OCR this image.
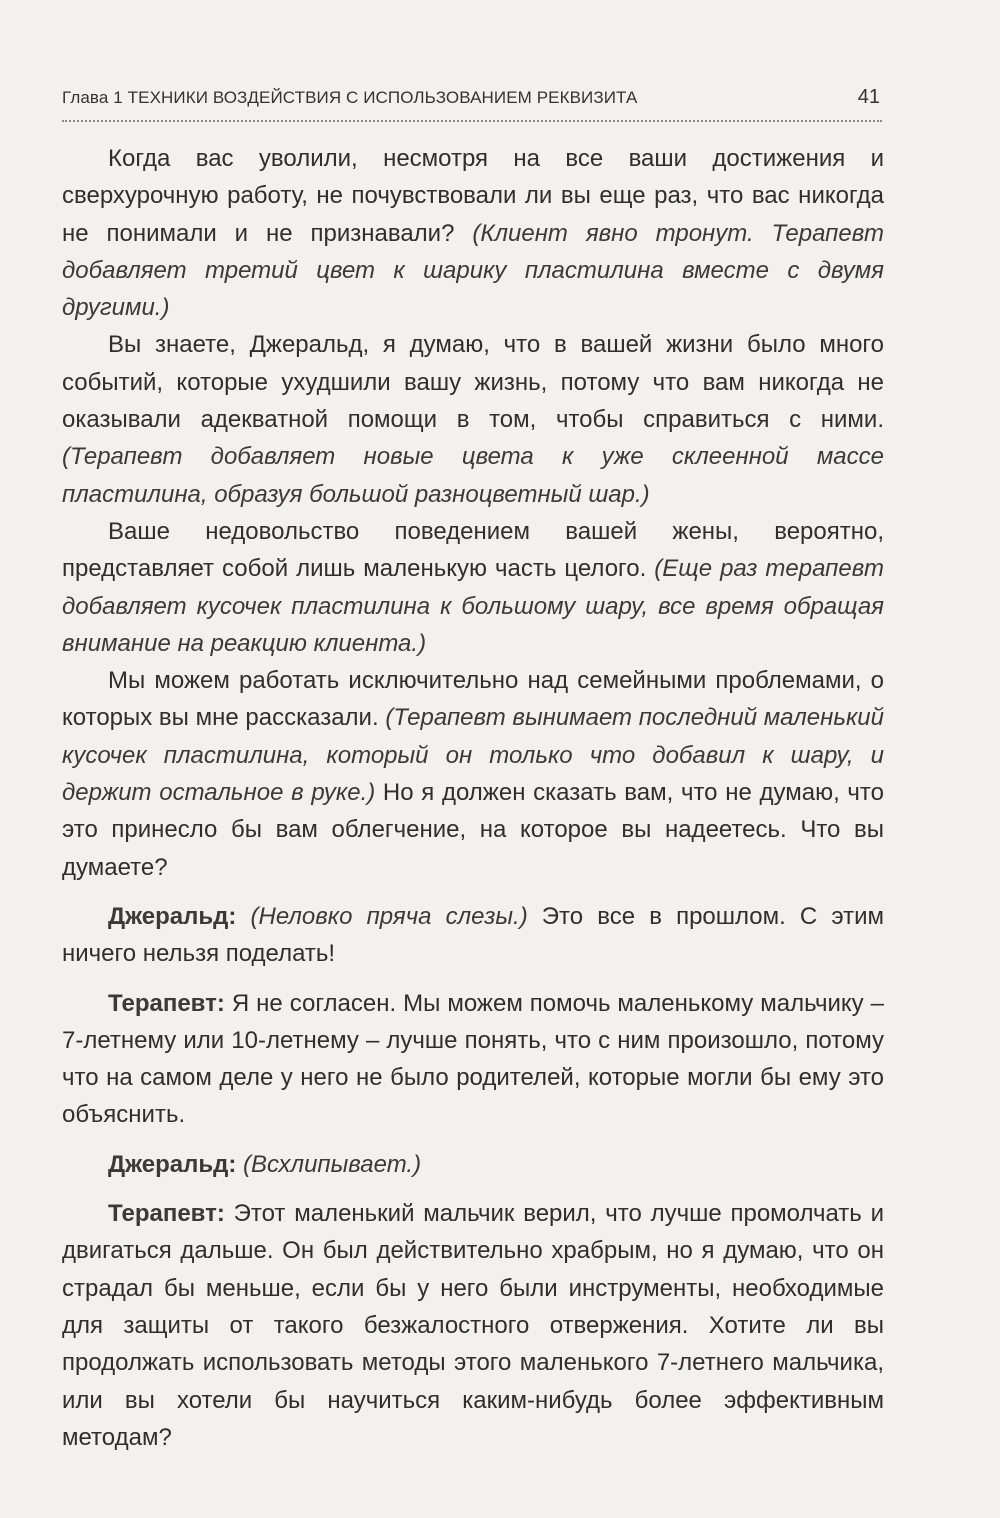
Глава 1 ТЕХНИКИ ВОЗДЕЙСТВИЯ С ИСПОЛЬЗОВАНИЕМ РЕКВИЗИТА	41

Когда вас уволили, несмотря на все ваши достижения и сверхурочную работу, не почувствовали ли вы еще раз, что вас никогда не понимали и не признавали? (Клиент явно тронут. Терапевт добавляет третий цвет к шарику пластилина вместе с двумя другими.)

Вы знаете, Джеральд, я думаю, что в вашей жизни было много событий, которые ухудшили вашу жизнь, потому что вам никогда не оказывали адекватной помощи в том, чтобы справиться с ними. (Терапевт добавляет новые цвета к уже склеенной массе пластилина, образуя большой разноцветный шар.)

Ваше недовольство поведением вашей жены, вероятно, представляет собой лишь маленькую часть целого. (Еще раз терапевт добавляет кусочек пластилина к большому шару, все время обращая внимание на реакцию клиента.)

Мы можем работать исключительно над семейными проблемами, о которых вы мне рассказали. (Терапевт вынимает последний маленький кусочек пластилина, который он только что добавил к шару, и держит остальное в руке.) Но я должен сказать вам, что не думаю, что это принесло бы вам облегчение, на которое вы надеетесь. Что вы думаете?

Джеральд: (Неловко пряча слезы.) Это все в прошлом. С этим ничего нельзя поделать!

Терапевт: Я не согласен. Мы можем помочь маленькому мальчику – 7-летнему или 10-летнему – лучше понять, что с ним произошло, потому что на самом деле у него не было родителей, которые могли бы ему это объяснить.

Джеральд: (Всхлипывает.)

Терапевт: Этот маленький мальчик верил, что лучше промолчать и двигаться дальше. Он был действительно храбрым, но я думаю, что он страдал бы меньше, если бы у него были инструменты, необходимые для защиты от такого безжалостного отвержения. Хотите ли вы продолжать использовать методы этого маленького 7-летнего мальчика, или вы хотели бы научиться каким-нибудь более эффективным методам?
